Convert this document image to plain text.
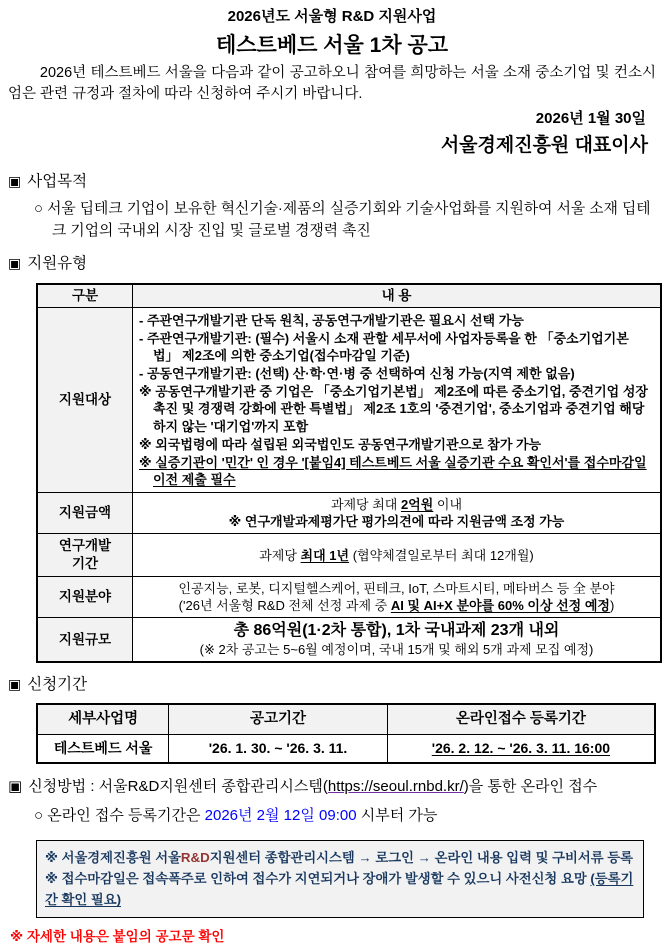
2026년도 서울형 R&D 지원사업
테스트베드 서울 1차 공고
2026년 테스트베드 서울을 다음과 같이 공고하오니 참여를 희망하는 서울 소재 중소기업 및 컨소시엄은 관련 규정과 절차에 따라 신청하여 주시기 바랍니다.
2026년 1월 30일
서울경제진흥원 대표이사
▣ 사업목적
○ 서울 딥테크 기업이 보유한 혁신기술·제품의 실증기회와 기술사업화를 지원하여 서울 소재 딥테크 기업의 국내외 시장 진입 및 글로벌 경쟁력 촉진
▣ 지원유형
구분	내 용
지원대상	
- 주관연구개발기관 단독 원칙, 공동연구개발기관은 필요시 선택 가능
- 주관연구개발기관: (필수) 서울시 소재 관할 세무서에 사업자등록을 한 「중소기업기본법」 제2조에 의한 중소기업(접수마감일 기준)
- 공동연구개발기관: (선택) 산·학·연·병 중 선택하여 신청 가능(지역 제한 없음)
※ 공동연구개발기관 중 기업은 「중소기업기본법」 제2조에 따른 중소기업, 중견기업 성장촉진 및 경쟁력 강화에 관한 특별법」 제2조 1호의 '중견기업', 중소기업과 중견기업 해당하지 않는 '대기업'까지 포함
※ 외국법령에 따라 설립된 외국법인도 공동연구개발기관으로 참가 가능
※ 실증기관이 '민간' 인 경우 '[붙임4] 테스트베드 서울 실증기관 수요 확인서'를 접수마감일 이전 제출 필수

지원금액	과제당 최대 2억원 이내
※ 연구개발과제평가단 평가의견에 따라 지원금액 조정 가능

연구개발
기간	과제당 최대 1년 (협약체결일로부터 최대 12개월)
지원분야	인공지능, 로봇, 디지털헬스케어, 핀테크, IoT, 스마트시티, 메타버스 등 全 분야
('26년 서울형 R&D 전체 선정 과제 중 AI 및 AI+X 분야를 60% 이상 선정 예정)

지원규모	총 86억원(1·2차 통합), 1차 국내과제 23개 내외
(※ 2차 공고는 5~6월 예정이며, 국내 15개 및 해외 5개 과제 모집 예정)
▣ 신청기간
세부사업명	공고기간	온라인접수 등록기간
테스트베드 서울	'26. 1. 30. ~ '26. 3. 11.	'26. 2. 12. ~ '26. 3. 11. 16:00
▣ 신청방법 : 서울R&D지원센터 종합관리시스템(https://seoul.rnbd.kr/)을 통한 온라인 접수
○ 온라인 접수 등록기간은 2026년 2월 12일 09:00 시부터 가능
※ 서울경제진흥원 서울R&D지원센터 종합관리시스템 → 로그인 → 온라인 내용 입력 및 구비서류 등록
※ 접수마감일은 접속폭주로 인하여 접수가 지연되거나 장애가 발생할 수 있으니 사전신청 요망 (등록기간 확인 필요)
※ 자세한 내용은 붙임의 공고문 확인
